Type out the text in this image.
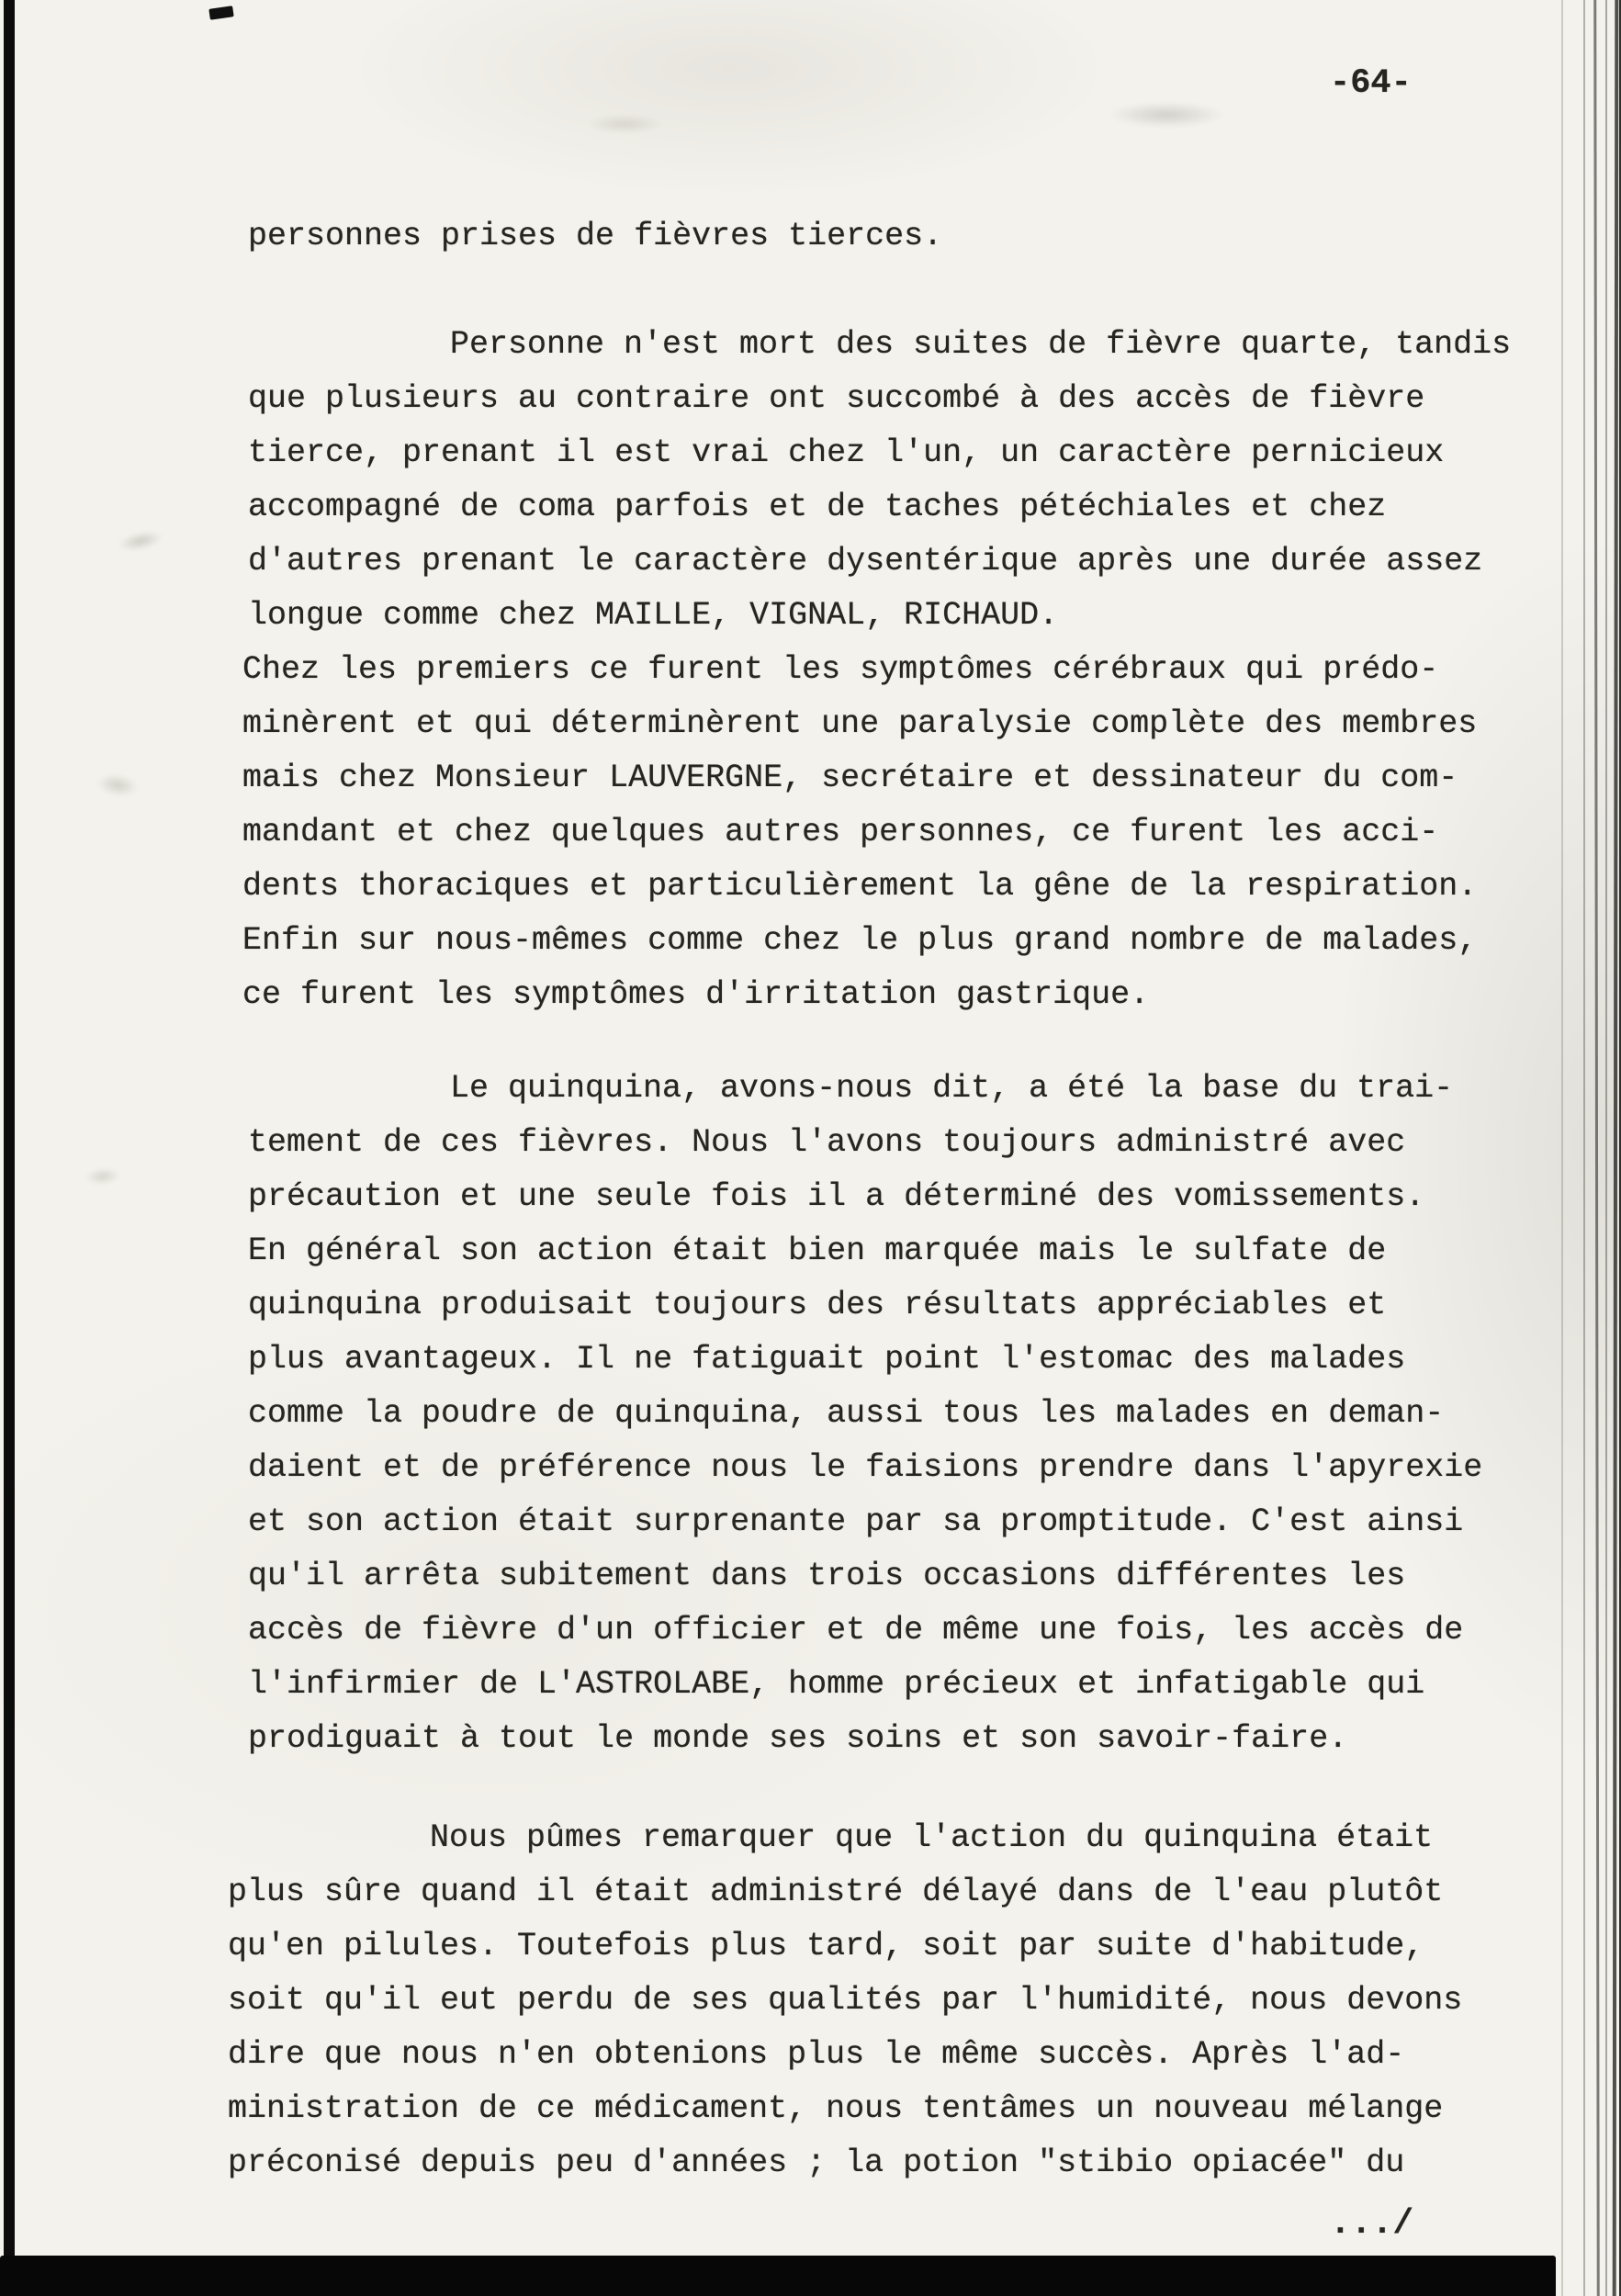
-64-
personnes prises de fièvres tierces.
Personne n'est mort des suites de fièvre quarte, tandis
que plusieurs au contraire ont succombé à des accès de fièvre
tierce, prenant il est vrai chez l'un, un caractère pernicieux
accompagné de coma parfois et de taches pétéchiales et chez
d'autres prenant le caractère dysentérique après une durée assez
longue comme chez MAILLE, VIGNAL, RICHAUD.
Chez les premiers ce furent les symptômes cérébraux qui prédo-
minèrent et qui déterminèrent une paralysie complète des membres
mais chez Monsieur LAUVERGNE, secrétaire et dessinateur du com-
mandant et chez quelques autres personnes, ce furent les acci-
dents thoraciques et particulièrement la gêne de la respiration.
Enfin sur nous-mêmes comme chez le plus grand nombre de malades,
ce furent les symptômes d'irritation gastrique.
Le quinquina, avons-nous dit, a été la base du trai-
tement de ces fièvres. Nous l'avons toujours administré avec
précaution et une seule fois il a déterminé des vomissements.
En général son action était bien marquée mais le sulfate de
quinquina produisait toujours des résultats appréciables et
plus avantageux. Il ne fatiguait point l'estomac des malades
comme la poudre de quinquina, aussi tous les malades en deman-
daient et de préférence nous le faisions prendre dans l'apyrexie
et son action était surprenante par sa promptitude. C'est ainsi
qu'il arrêta subitement dans trois occasions différentes les
accès de fièvre d'un officier et de même une fois, les accès de
l'infirmier de L'ASTROLABE, homme précieux et infatigable qui
prodiguait à tout le monde ses soins et son savoir-faire.
Nous pûmes remarquer que l'action du quinquina était
plus sûre quand il était administré délayé dans de l'eau plutôt
qu'en pilules. Toutefois plus tard, soit par suite d'habitude,
soit qu'il eut perdu de ses qualités par l'humidité, nous devons
dire que nous n'en obtenions plus le même succès. Après l'ad-
ministration de ce médicament, nous tentâmes un nouveau mélange
préconisé depuis peu d'années ; la potion "stibio opiacée" du
.../
